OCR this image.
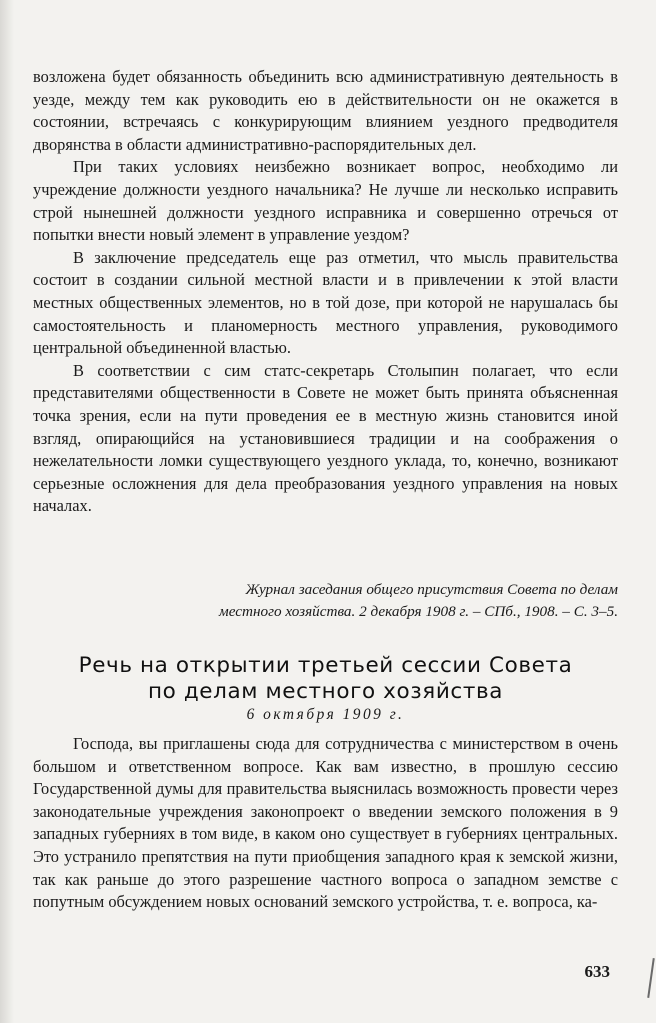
возложена будет обязанность объединить всю административную деятельность в уезде, между тем как руководить ею в действительности он не окажется в состоянии, встречаясь с конкурирующим влиянием уездного предводителя дворянства в области административно-распорядительных дел.

При таких условиях неизбежно возникает вопрос, необходимо ли учреждение должности уездного начальника? Не лучше ли несколько исправить строй нынешней должности уездного исправника и совершенно отречься от попытки внести новый элемент в управление уездом?

В заключение председатель еще раз отметил, что мысль правительства состоит в создании сильной местной власти и в привлечении к этой власти местных общественных элементов, но в той дозе, при которой не нарушалась бы самостоятельность и планомерность местного управления, руководимого центральной объединенной властью.

В соответствии с сим статс-секретарь Столыпин полагает, что если представителями общественности в Совете не может быть принята объясненная точка зрения, если на пути проведения ее в местную жизнь становится иной взгляд, опирающийся на установившиеся традиции и на соображения о нежелательности ломки существующего уездного уклада, то, конечно, возникают серьезные осложнения для дела преобразования уездного управления на новых началах.

Журнал заседания общего присутствия Совета по делам

местного хозяйства. 2 декабря 1908 г. – СПб., 1908. – С. 3–5.

Речь на открытии третьей сессии Совета
по делам местного хозяйства
6 октября 1909 г.

Господа, вы приглашены сюда для сотрудничества с министерством в очень большом и ответственном вопросе. Как вам известно, в прошлую сессию Государственной думы для правительства выяснилась возможность провести через законодательные учреждения законопроект о введении земского положения в 9 западных губерниях в том виде, в каком оно существует в губерниях центральных. Это устранило препятствия на пути приобщения западного края к земской жизни, так как раньше до этого разрешение частного вопроса о западном земстве с попутным обсуждением новых оснований земского устройства, т. е. вопроса, ка-

633
